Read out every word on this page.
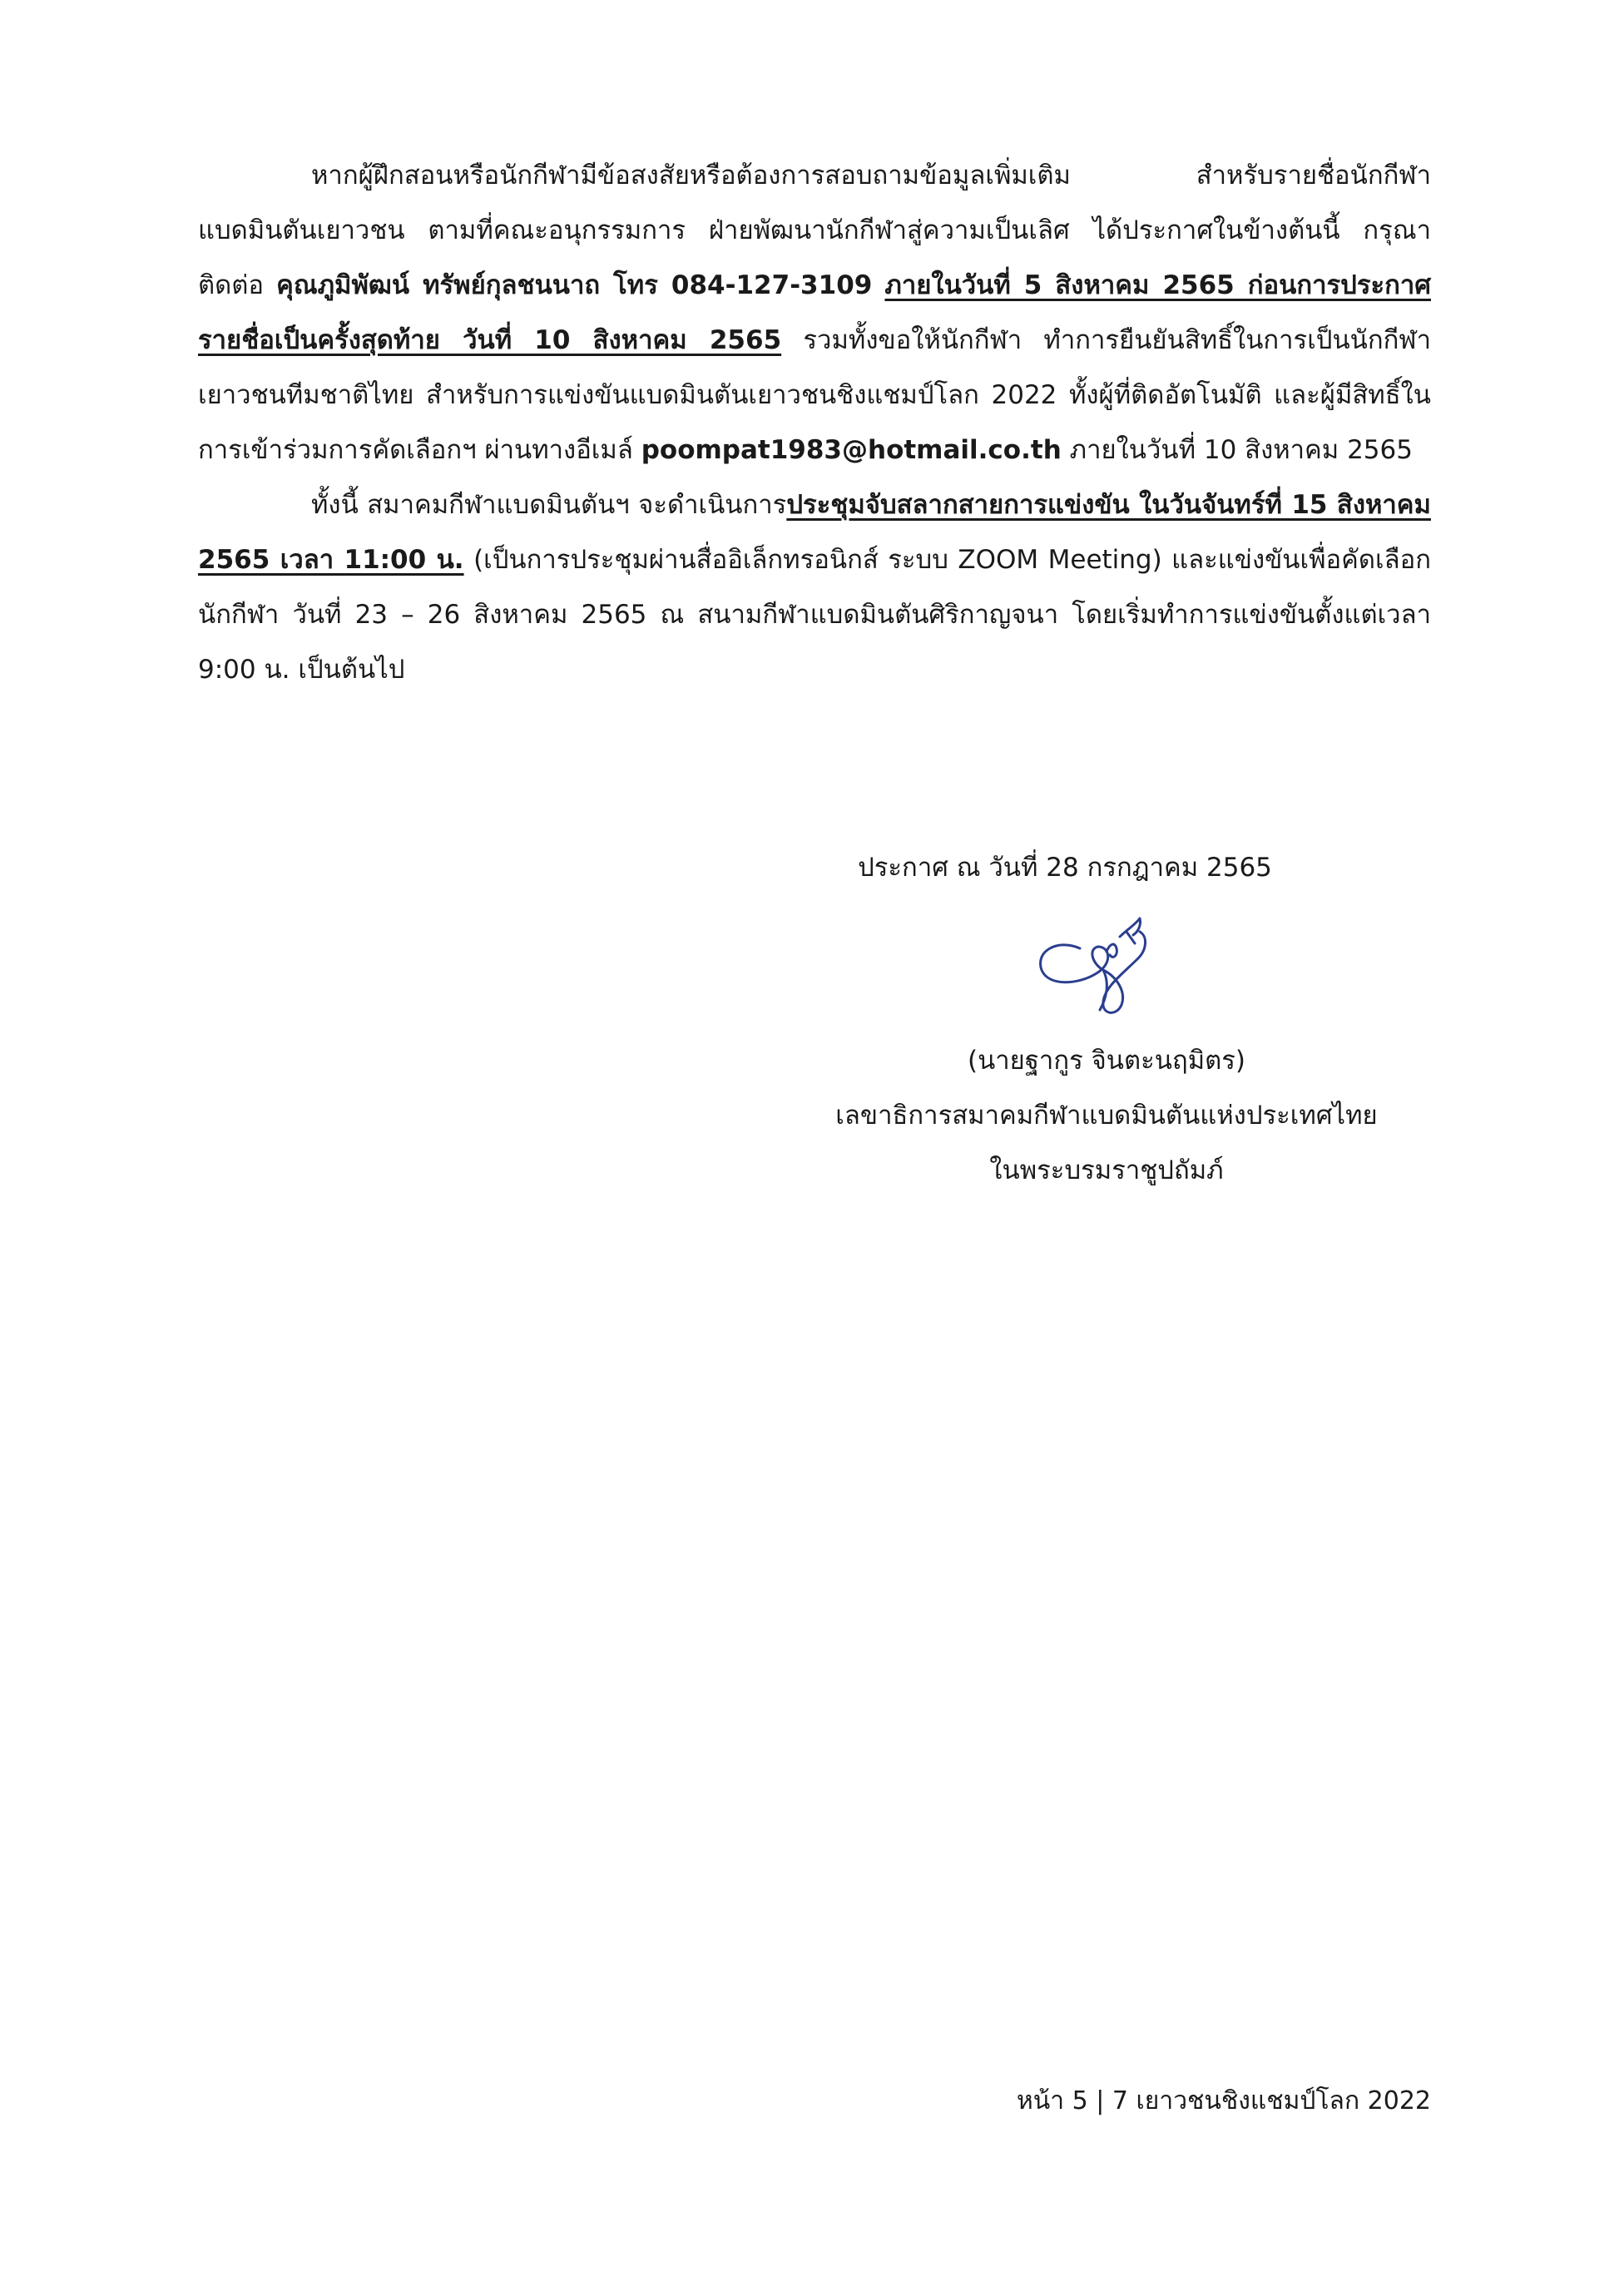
หากผู้ฝึกสอนหรือนักกีฬามีข้อสงสัยหรือต้องการสอบถามข้อมูลเพิ่มเติม สำหรับรายชื่อนักกีฬาแบดมินตันเยาวชน ตามที่คณะอนุกรรมการ ฝ่ายพัฒนานักกีฬาสู่ความเป็นเลิศ ได้ประกาศในข้างต้นนี้ กรุณาติดต่อ คุณภูมิพัฒน์ ทรัพย์กุลชนนาถ โทร 084-127-3109 ภายในวันที่ 5 สิงหาคม 2565 ก่อนการประกาศรายชื่อเป็นครั้งสุดท้าย วันที่ 10 สิงหาคม 2565 รวมทั้งขอให้นักกีฬา ทำการยืนยันสิทธิ์ในการเป็นนักกีฬาเยาวชนทีมชาติไทย สำหรับการแข่งขันแบดมินตันเยาวชนชิงแชมป์โลก 2022 ทั้งผู้ที่ติดอัตโนมัติ และผู้มีสิทธิ์ในการเข้าร่วมการคัดเลือกฯ ผ่านทางอีเมล์ poompat1983@hotmail.co.th ภายในวันที่ 10 สิงหาคม 2565

ทั้งนี้ สมาคมกีฬาแบดมินตันฯ จะดำเนินการประชุมจับสลากสายการแข่งขัน ในวันจันทร์ที่ 15 สิงหาคม 2565 เวลา 11:00 น. (เป็นการประชุมผ่านสื่ออิเล็กทรอนิกส์ ระบบ ZOOM Meeting) และแข่งขันเพื่อคัดเลือกนักกีฬา วันที่ 23 – 26 สิงหาคม 2565 ณ สนามกีฬาแบดมินตันศิริกาญจนา โดยเริ่มทำการแข่งขันตั้งแต่เวลา 9:00 น. เป็นต้นไป

ประกาศ ณ วันที่ 28 กรกฎาคม 2565
(นายฐากูร จินตะนฤมิตร)
เลขาธิการสมาคมกีฬาแบดมินตันแห่งประเทศไทย
ในพระบรมราชูปถัมภ์
หน้า 5 | 7 เยาวชนชิงแชมป์โลก 2022
